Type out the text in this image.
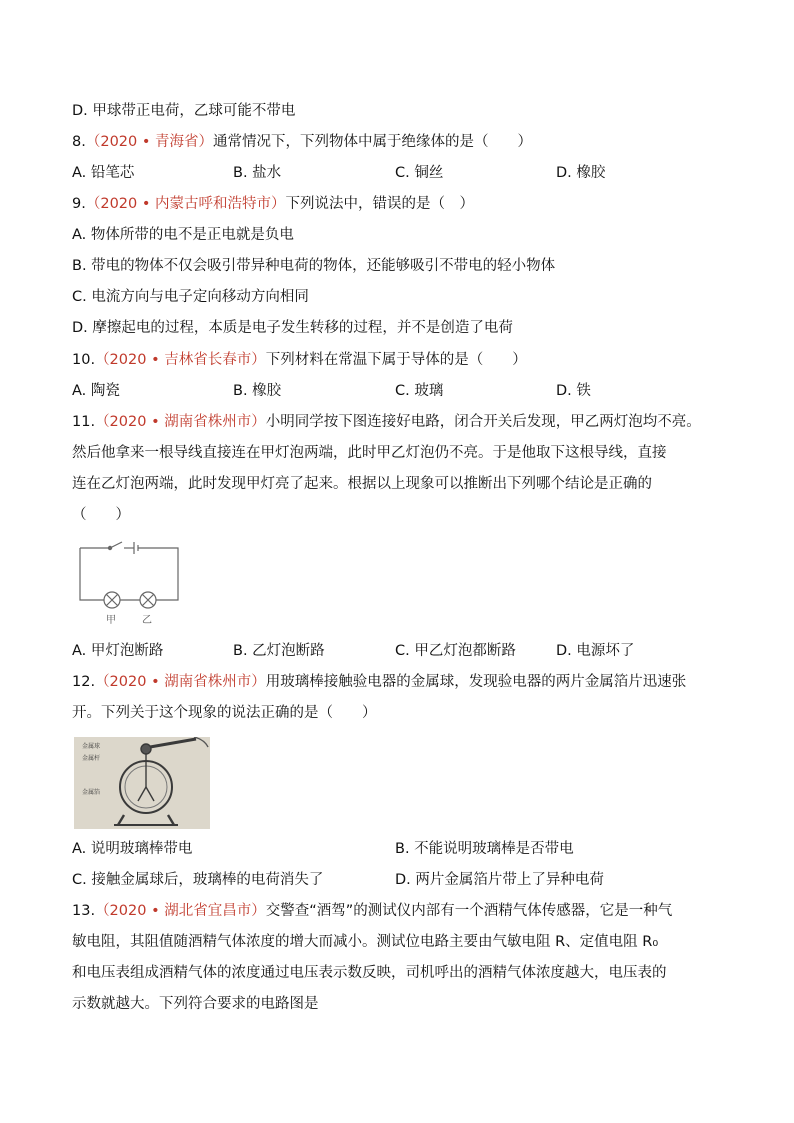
D. 甲球带正电荷，乙球可能不带电
8.（2020 • 青海省）通常情况下，下列物体中属于绝缘体的是（　　）
A. 铅笔芯	B. 盐水	C. 铜丝	D. 橡胶
9.（2020 • 内蒙古呼和浩特市）下列说法中，错误的是（　）
A. 物体所带的电不是正电就是负电
B. 带电的物体不仅会吸引带异种电荷的物体，还能够吸引不带电的轻小物体
C. 电流方向与电子定向移动方向相同
D. 摩擦起电的过程，本质是电子发生转移的过程，并不是创造了电荷
10.（2020 • 吉林省长春市）下列材料在常温下属于导体的是（　　）
A. 陶瓷	B. 橡胶	C. 玻璃	D. 铁
11.（2020 • 湖南省株州市）小明同学按下图连接好电路，闭合开关后发现，甲乙两灯泡均不亮。
然后他拿来一根导线直接连在甲灯泡两端，此时甲乙灯泡仍不亮。于是他取下这根导线，直接
连在乙灯泡两端，此时发现甲灯亮了起来。根据以上现象可以推断出下列哪个结论是正确的
（　　）
甲	乙
A. 甲灯泡断路	B. 乙灯泡断路	C. 甲乙灯泡都断路	D. 电源坏了
12.（2020 • 湖南省株州市）用玻璃棒接触验电器的金属球，发现验电器的两片金属箔片迅速张
开。下列关于这个现象的说法正确的是（　　）
金属球
金属杆
金属箔
A. 说明玻璃棒带电	B. 不能说明玻璃棒是否带电
C. 接触金属球后，玻璃棒的电荷消失了	D. 两片金属箔片带上了异种电荷
13.（2020 • 湖北省宜昌市）交警查“酒驾”的测试仪内部有一个酒精气体传感器，它是一种气
敏电阻，其阻值随酒精气体浓度的增大而减小。测试位电路主要由气敏电阻 R、定值电阻 R₀
和电压表组成酒精气体的浓度通过电压表示数反映，司机呼出的酒精气体浓度越大，电压表的
示数就越大。下列符合要求的电路图是
